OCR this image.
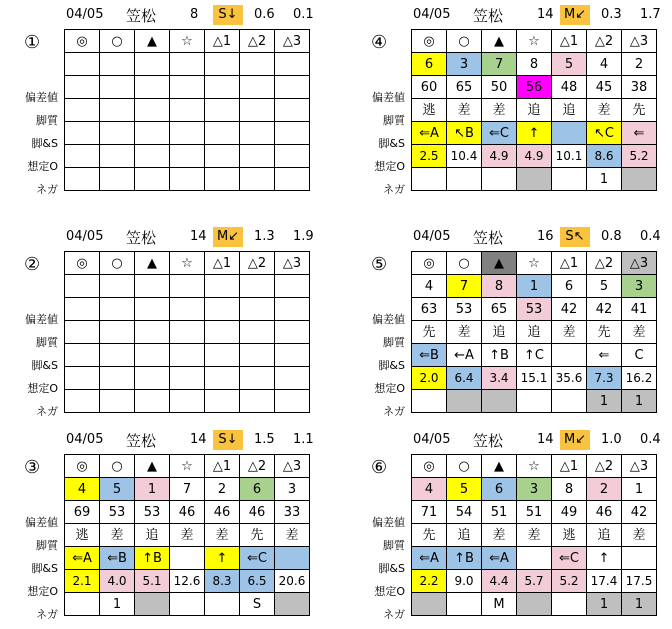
04/05 笠松	8	S↓	0.6 0.1
①
偏差値
脚質
脚&S
想定O
ネガ
◎	○	▲	☆	△1	△2	△3

04/05 笠松	14 M↙	0.3 1.7
④
偏差値
脚質
脚&S
想定O
ネガ
◎	○	▲	☆	△1	△2	△3
6	3	7	8	5	4	2
60	65	50	56	48	45	38
逃	差	差	追	追	差	先
⇐A	↖B	⇐C	↑		↖C	⇐
2.5	10.4	4.9	4.9	10.1	8.6	5.2
					1	
04/05 笠松	14 M↙	1.3 1.9
②
偏差値
脚質
脚&S
想定O
ネガ
◎	○	▲	☆	△1	△2	△3

04/05 笠松	16 S↖	0.8 0.4
⑤
偏差値
脚質
脚&S
想定O
ネガ
◎	○	▲	☆	△1	△2	△3
4	7	8	1	6	5	3
63	53	65	53	42	42	41
先	差	追	追	差	先	差
⇐B	←A	↑B	↑C		⇐	C
2.0	6.4	3.4	15.1	35.6	7.3	16.2
					1	1
04/05 笠松	14 S↓	1.5 1.1
③
偏差値
脚質
脚&S
想定O
ネガ
◎	○	▲	☆	△1	△2	△3
4	5	1	7	2	6	3
69	53	53	46	46	46	33
逃	差	追	差	差	先	差
⇐A	⇐B	↑B		↑	⇐C	
2.1	4.0	5.1	12.6	8.3	6.5	20.6
	1				S	
04/05 笠松	14 M↙	1.0 0.4
⑥
偏差値
脚質
脚&S
想定O
ネガ
◎	○	▲	☆	△1	△2	△3
4	5	6	3	8	2	1
71	54	51	51	49	46	42
先	追	差	差	逃	追	差
⇐A	↑B	⇐A		⇐C	↑	
2.2	9.0	4.4	5.7	5.2	17.4	17.5
		M			1	1
